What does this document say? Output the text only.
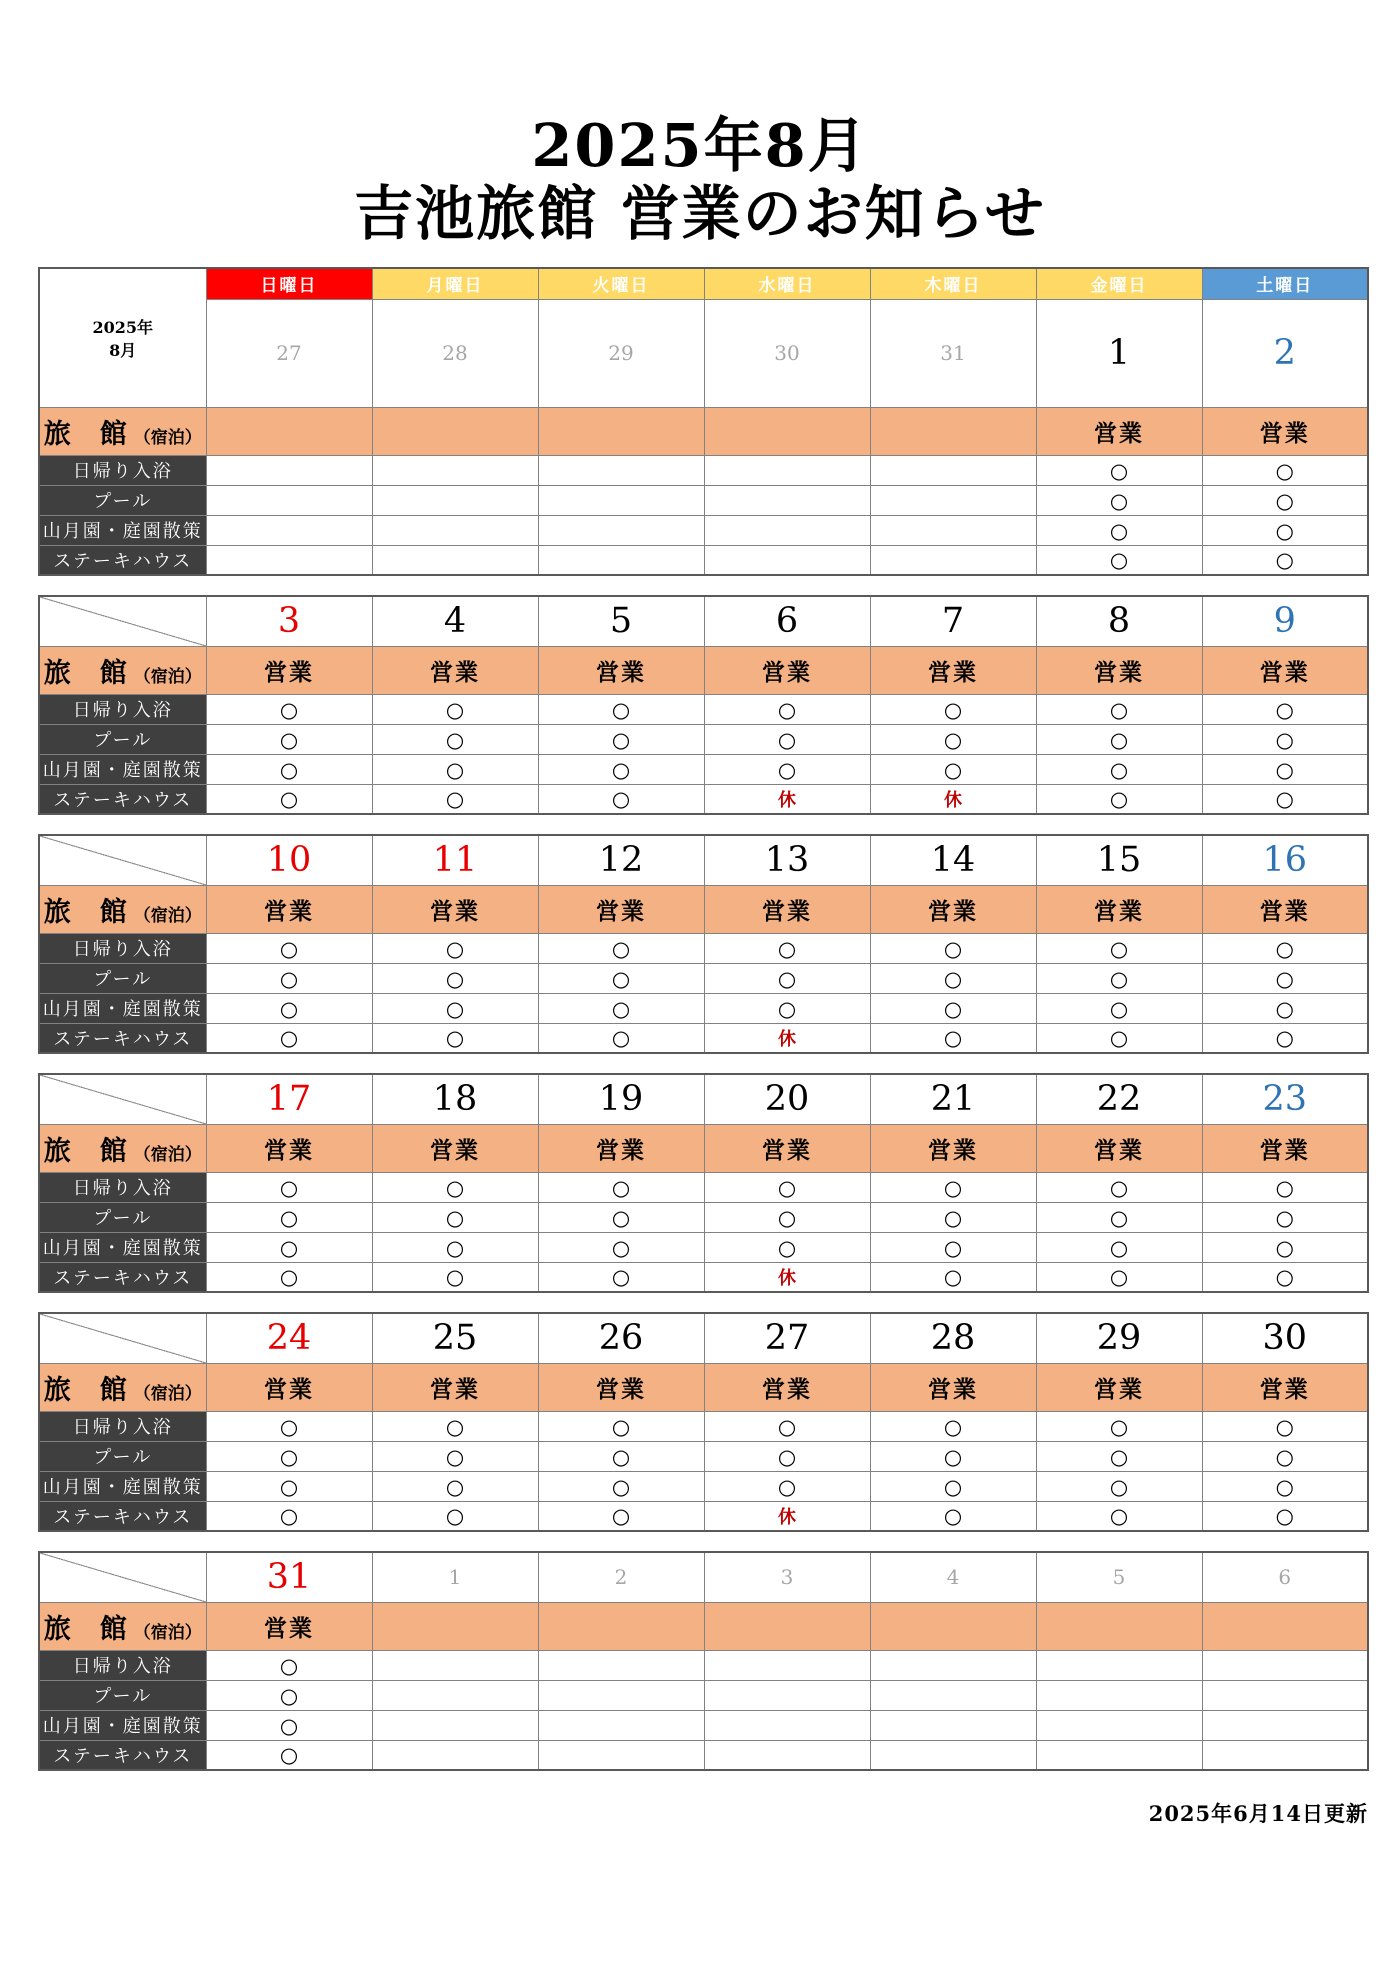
2025年8月
吉池旅館 営業のお知らせ
2025年
8月	日曜日	月曜日	火曜日	水曜日	木曜日	金曜日	土曜日
	27	28	29	30	31	1	2
旅　館 （宿泊）						営業	営業
日帰り入浴						○	○
プール						○	○
山月園・庭園散策						○	○
ステーキハウス						○	○
	3	4	5	6	7	8	9
旅　館 （宿泊）	営業	営業	営業	営業	営業	営業	営業
日帰り入浴	○	○	○	○	○	○	○
プール	○	○	○	○	○	○	○
山月園・庭園散策	○	○	○	○	○	○	○
ステーキハウス	○	○	○	休	休	○	○
	10	11	12	13	14	15	16
旅　館 （宿泊）	営業	営業	営業	営業	営業	営業	営業
日帰り入浴	○	○	○	○	○	○	○
プール	○	○	○	○	○	○	○
山月園・庭園散策	○	○	○	○	○	○	○
ステーキハウス	○	○	○	休	○	○	○
	17	18	19	20	21	22	23
旅　館 （宿泊）	営業	営業	営業	営業	営業	営業	営業
日帰り入浴	○	○	○	○	○	○	○
プール	○	○	○	○	○	○	○
山月園・庭園散策	○	○	○	○	○	○	○
ステーキハウス	○	○	○	休	○	○	○
	24	25	26	27	28	29	30
旅　館 （宿泊）	営業	営業	営業	営業	営業	営業	営業
日帰り入浴	○	○	○	○	○	○	○
プール	○	○	○	○	○	○	○
山月園・庭園散策	○	○	○	○	○	○	○
ステーキハウス	○	○	○	休	○	○	○
	31	1	2	3	4	5	6
旅　館 （宿泊）	営業						
日帰り入浴	○						
プール	○						
山月園・庭園散策	○						
ステーキハウス	○						
2025年6月14日更新
